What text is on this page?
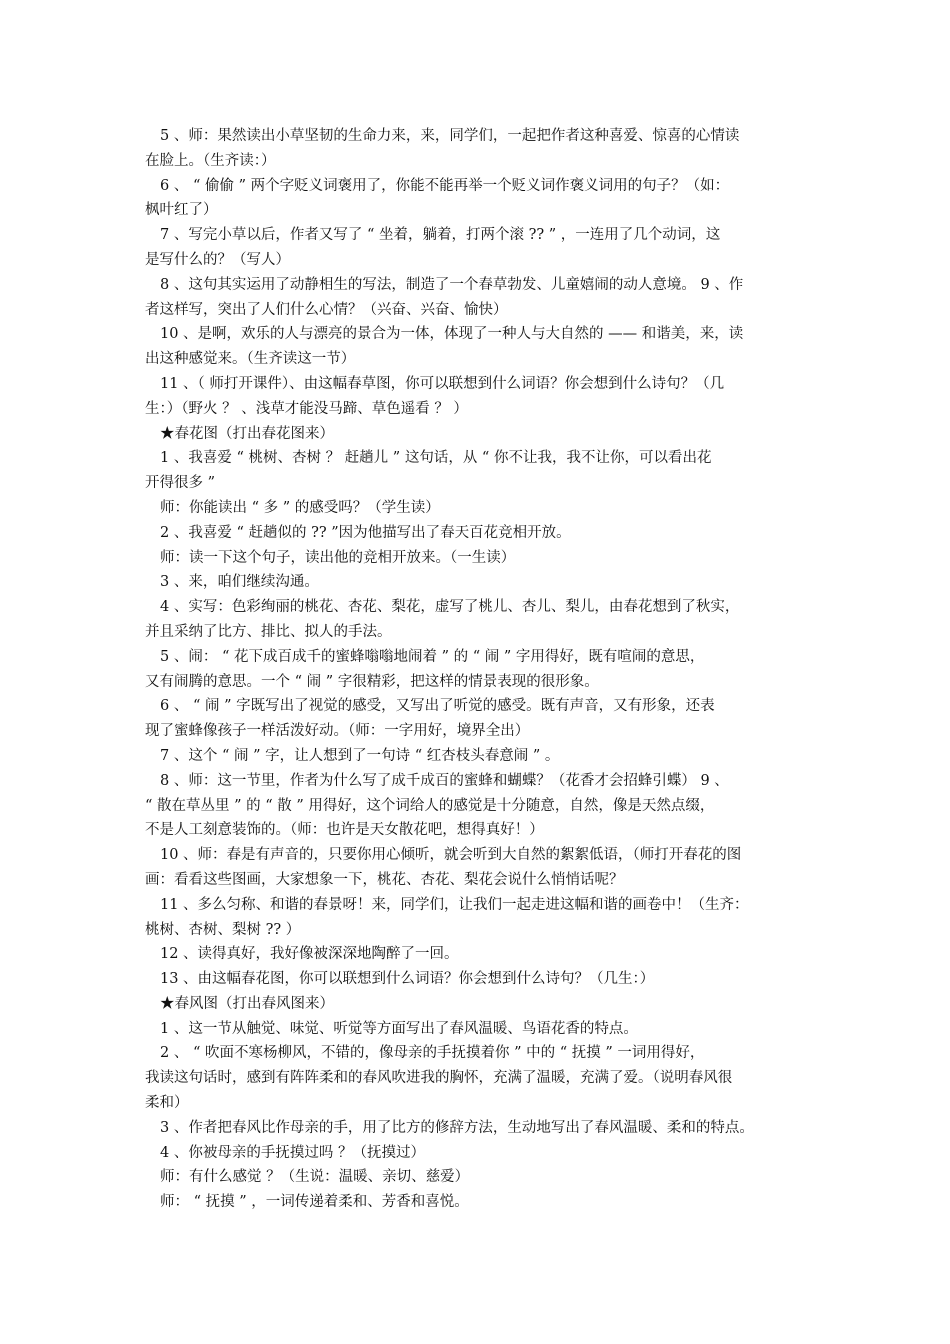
5 、师：果然读出小草坚韧的生命力来，来，同学们，一起把作者这种喜爱、惊喜的心情读
在脸上。（生齐读：）
6 、 “ 偷偷 ” 两个字贬义词褒用了，你能不能再举一个贬义词作褒义词用的句子？（如：
枫叶红了）
7 、写完小草以后，作者又写了 “ 坐着，躺着，打两个滚 ?? ” ，一连用了几个动词，这
是写什么的？（写人）
8 、这句其实运用了动静相生的写法，制造了一个春草勃发、儿童嬉闹的动人意境。 9 、作
者这样写，突出了人们什么心情？（兴奋、兴奋、愉快）
10 、是啊，欢乐的人与漂亮的景合为一体，体现了一种人与大自然的 —— 和谐美，来，读
出这种感觉来。（生齐读这一节）
11 、（ 师打开课件）、由这幅春草图，你可以联想到什么词语？你会想到什么诗句？（几
生：）（野火 ？ 、浅草才能没马蹄、草色遥看 ？ ）
★春花图（打出春花图来）
1 、我喜爱 “ 桃树、杏树 ？ 赶趟儿 ” 这句话，从 “ 你不让我，我不让你，可以看出花
开得很多 ”
师：你能读出 “ 多 ” 的感受吗？（学生读）
2 、我喜爱 “ 赶趟似的 ?? ”因为他描写出了春天百花竞相开放。
师：读一下这个句子，读出他的竞相开放来。（一生读）
3 、来，咱们继续沟通。
4 、实写：色彩绚丽的桃花、杏花、梨花，虚写了桃儿、杏儿、梨儿，由春花想到了秋实，
并且采纳了比方、排比、拟人的手法。
5 、闹： “ 花下成百成千的蜜蜂嗡嗡地闹着 ” 的 “ 闹 ” 字用得好，既有喧闹的意思，
又有闹腾的意思。一个 “ 闹 ” 字很精彩，把这样的情景表现的很形象。
6 、 “ 闹 ” 字既写出了视觉的感受，又写出了听觉的感受。既有声音，又有形象，还表
现了蜜蜂像孩子一样活泼好动。（师：一字用好，境界全出）
7 、这个 “ 闹 ” 字，让人想到了一句诗 “ 红杏枝头春意闹 ” 。
8 、师：这一节里，作者为什么写了成千成百的蜜蜂和蝴蝶？（花香才会招蜂引蝶） 9 、
“ 散在草丛里 ” 的 “ 散 ” 用得好，这个词给人的感觉是十分随意，自然，像是天然点缀，
不是人工刻意装饰的。（师：也许是天女散花吧，想得真好！）
10 、师：春是有声音的，只要你用心倾听，就会听到大自然的絮絮低语，（师打开春花的图
画：看看这些图画，大家想象一下，桃花、杏花、梨花会说什么悄悄话呢？
11 、多么匀称、和谐的春景呀！来，同学们，让我们一起走进这幅和谐的画卷中！（生齐：
桃树、杏树、梨树 ?? ）
12 、读得真好，我好像被深深地陶醉了一回。
13 、由这幅春花图，你可以联想到什么词语？你会想到什么诗句？（几生：）
★春风图（打出春风图来）
1 、这一节从触觉、味觉、听觉等方面写出了春风温暖、鸟语花香的特点。
2 、 “ 吹面不寒杨柳风，不错的，像母亲的手抚摸着你 ” 中的 “ 抚摸 ” 一词用得好，
我读这句话时，感到有阵阵柔和的春风吹进我的胸怀，充满了温暖，充满了爱。（说明春风很
柔和）
3 、作者把春风比作母亲的手，用了比方的修辞方法，生动地写出了春风温暖、柔和的特点。
4 、你被母亲的手抚摸过吗 ？（抚摸过）
师：有什么感觉 ？（生说：温暖、亲切、慈爱）
师： “ 抚摸 ” ，一词传递着柔和、芳香和喜悦。
